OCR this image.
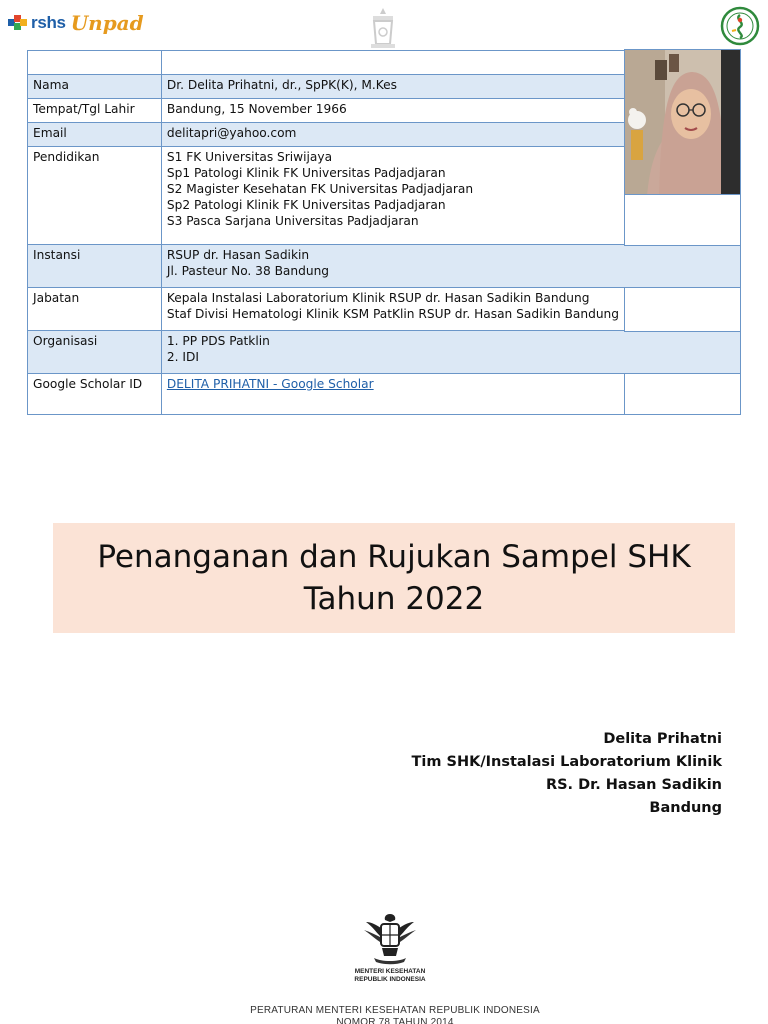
rshs Unpad

Nama	Dr. Delita Prihatni, dr., SpPK(K), M.Kes

Tempat/Tgl Lahir	Bandung, 15 November 1966

Email	delitapri@yahoo.com

Pendidikan	S1 FK Universitas Sriwijaya
Sp1 Patologi Klinik FK Universitas Padjadjaran
S2 Magister Kesehatan FK Universitas Padjadjaran
Sp2 Patologi Klinik FK Universitas Padjadjaran
S3 Pasca Sarjana Universitas Padjadjaran

Instansi	RSUP dr. Hasan Sadikin
Jl. Pasteur No. 38 Bandung

Jabatan	Kepala Instalasi Laboratorium Klinik RSUP dr. Hasan Sadikin Bandung
Staf Divisi Hematologi Klinik KSM PatKlin RSUP dr. Hasan Sadikin Bandung

Organisasi	1. PP PDS Patklin
2. IDI

Google Scholar ID	DELITA PRIHATNI - Google Scholar
Penanganan dan Rujukan Sampel SHK
Tahun 2022
Delita Prihatni
Tim SHK/Instalasi Laboratorium Klinik
RS. Dr. Hasan Sadikin
Bandung
MENTERI KESEHATAN
REPUBLIK INDONESIA
PERATURAN MENTERI KESEHATAN REPUBLIK INDONESIA
NOMOR 78 TAHUN 2014
